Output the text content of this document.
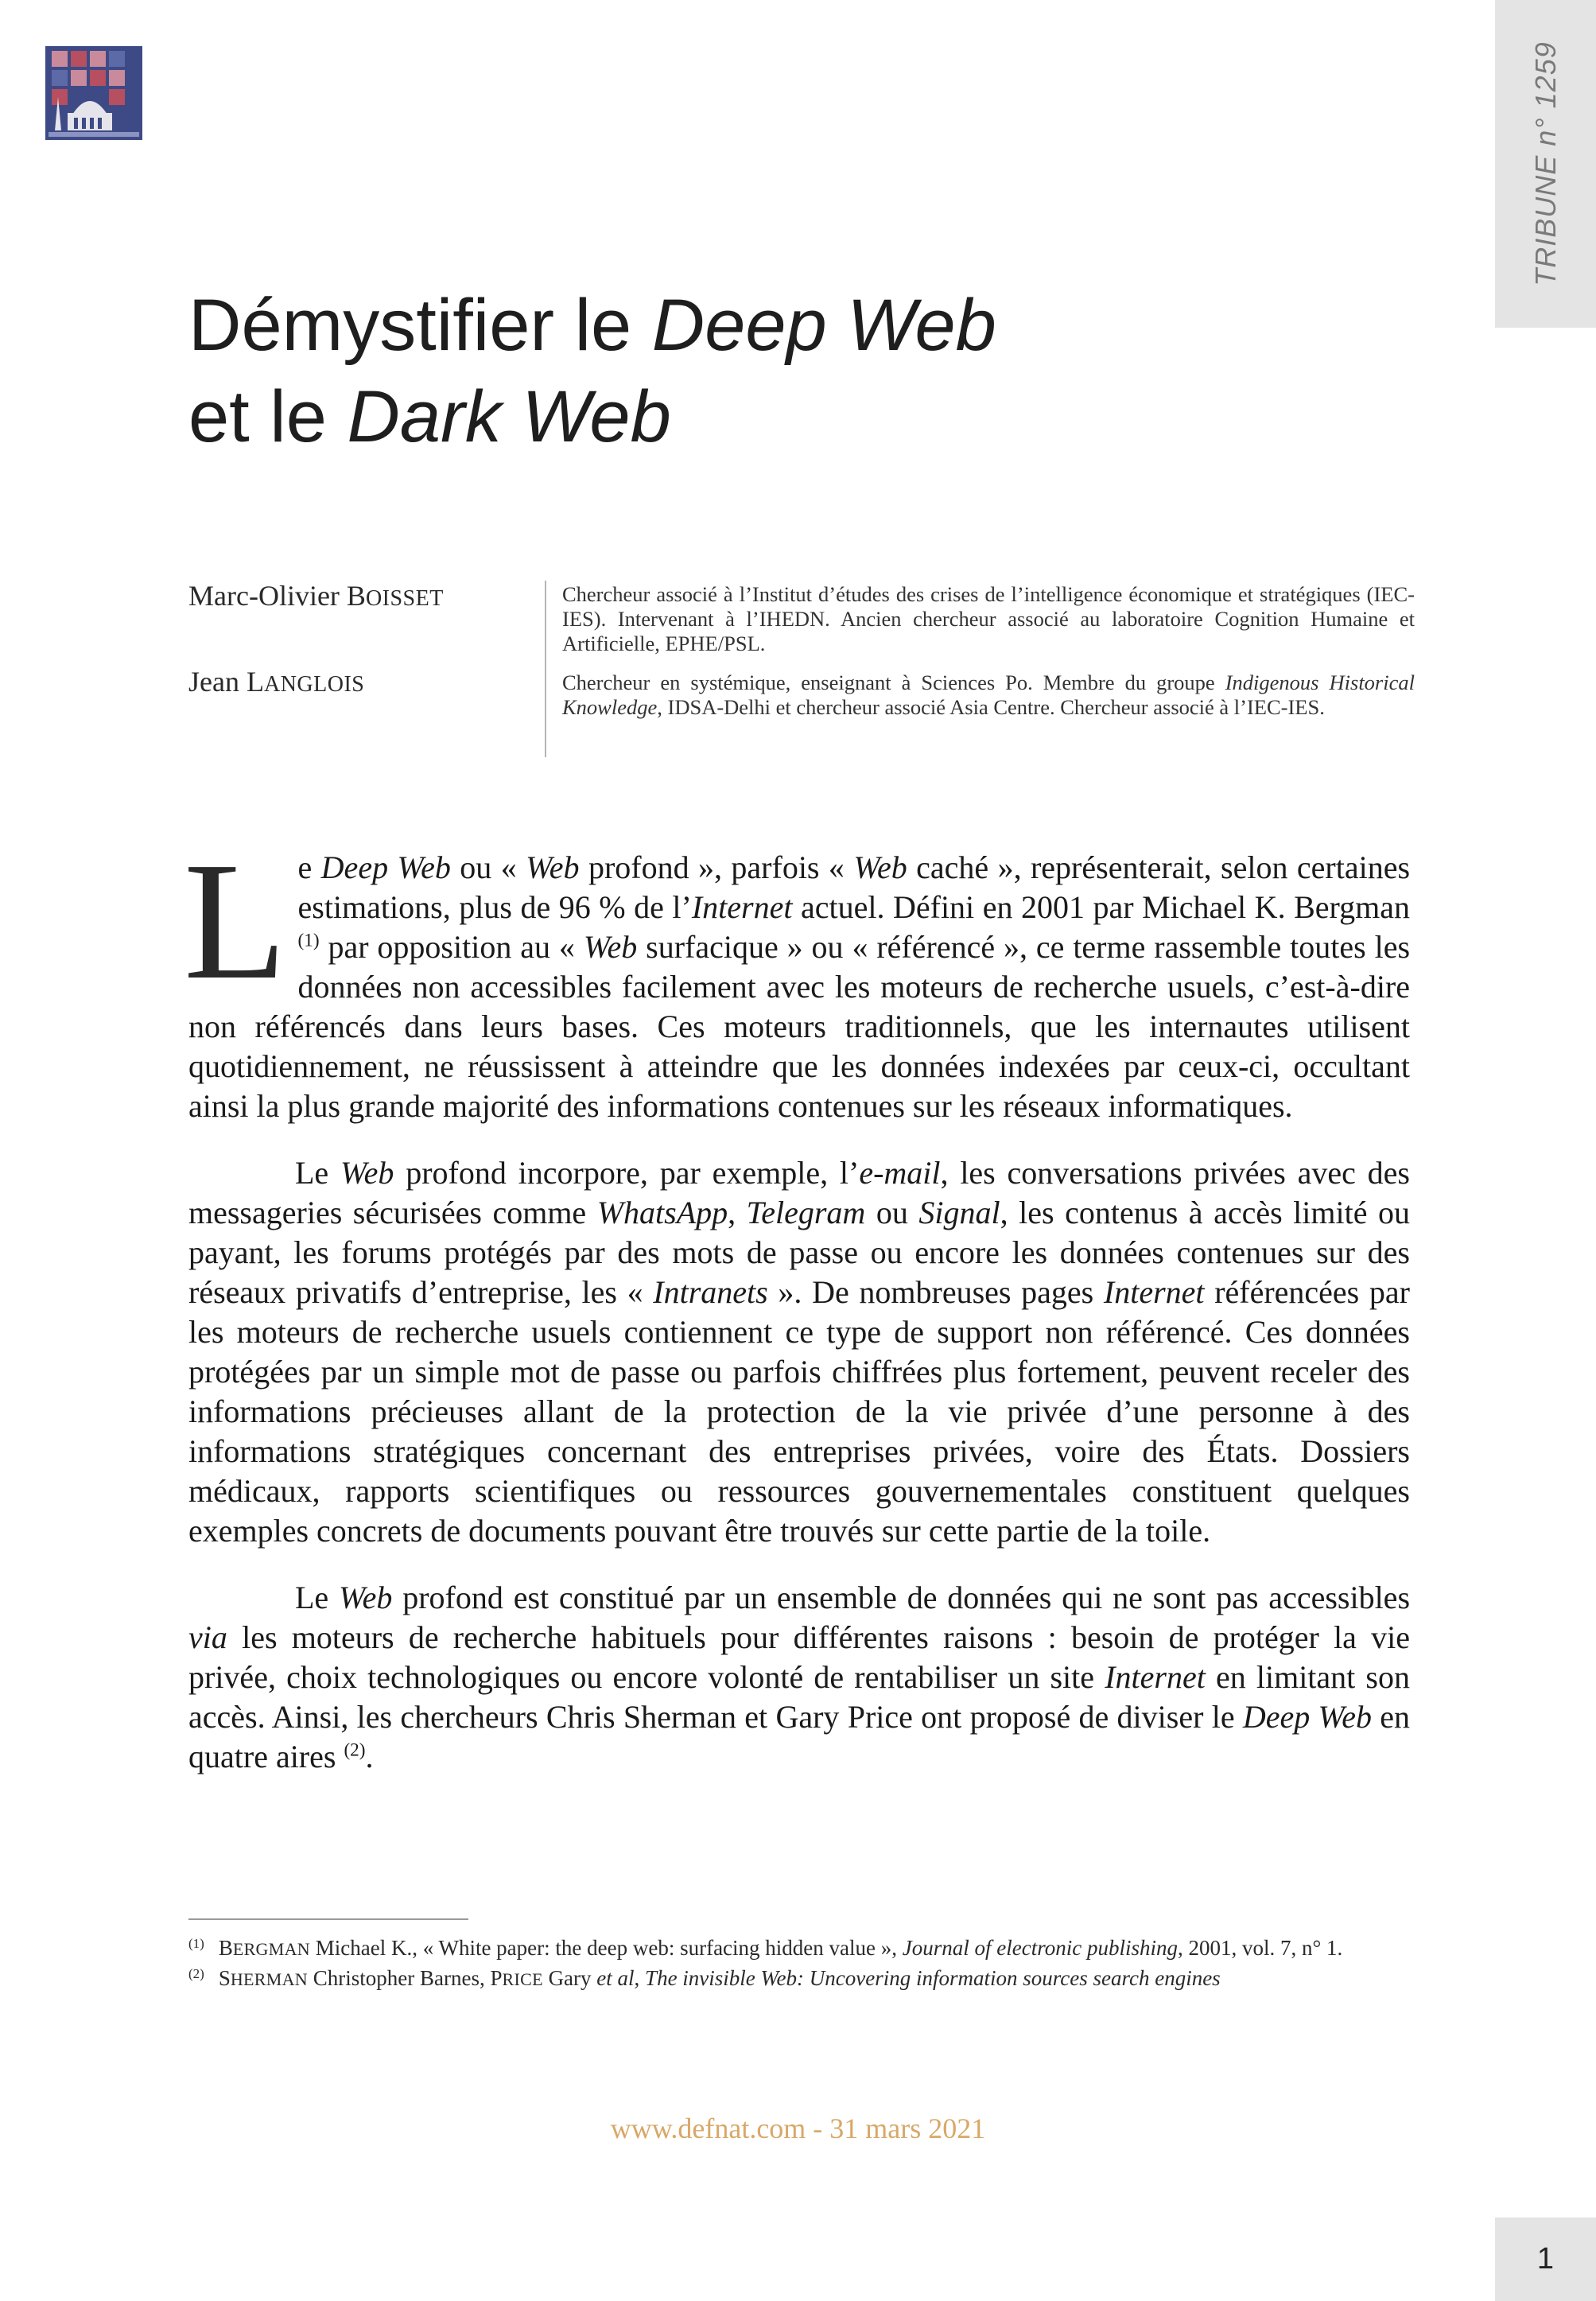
TRIBUNE n° 1259
Démystifier le Deep Web
et le Dark Web
Marc-Olivier BOISSET
Jean LANGLOIS

Chercheur associé à l’Institut d’études des crises de l’intelligence économique et stratégiques (IEC-IES). Intervenant à l’IHEDN. Ancien chercheur associé au laboratoire Cognition Humaine et Artificielle, EPHE/PSL.

Chercheur en systémique, enseignant à Sciences Po. Membre du groupe Indigenous Historical Knowledge, IDSA-Delhi et chercheur associé Asia Centre. Chercheur associé à l’IEC-IES.

Le Deep Web ou « Web profond », parfois « Web caché », représenterait, selon certaines estimations, plus de 96 % de l’Internet actuel. Défini en 2001 par Michael K. Bergman $^{(1)}$ par opposition au « Web surfacique » ou « référencé », ce terme rassemble toutes les données non accessibles facilement avec les moteurs de recherche usuels, c’est-à-dire non référencés dans leurs bases. Ces moteurs traditionnels, que les internautes utilisent quotidiennement, ne réussissent à atteindre que les données indexées par ceux-ci, occultant ainsi la plus grande majorité des informations contenues sur les réseaux informatiques.

Le Web profond incorpore, par exemple, l’e-mail, les conversations privées avec des messageries sécurisées comme WhatsApp, Telegram ou Signal, les contenus à accès limité ou payant, les forums protégés par des mots de passe ou encore les données contenues sur des réseaux privatifs d’entreprise, les « Intranets ». De nombreuses pages Internet référencées par les moteurs de recherche usuels contiennent ce type de support non référencé. Ces données protégées par un simple mot de passe ou parfois chiffrées plus fortement, peuvent receler des informations précieuses allant de la protection de la vie privée d’une personne à des informations stratégiques concernant des entreprises privées, voire des États. Dossiers médicaux, rapports scientifiques ou ressources gouvernementales constituent quelques exemples concrets de documents pouvant être trouvés sur cette partie de la toile.

Le Web profond est constitué par un ensemble de données qui ne sont pas accessibles via les moteurs de recherche habituels pour différentes raisons : besoin de protéger la vie privée, choix technologiques ou encore volonté de rentabiliser un site Internet en limitant son accès. Ainsi, les chercheurs Chris Sherman et Gary Price ont proposé de diviser le Deep Web en quatre aires $^{(2)}$.

$^{(1)}$ BERGMAN Michael K., « White paper: the deep web: surfacing hidden value », Journal of electronic publishing, 2001, vol. 7, n° 1.

$^{(2)}$ SHERMAN Christopher Barnes, PRICE Gary et al, The invisible Web: Uncovering information sources search engines

www.defnat.com - 31 mars 2021
1
